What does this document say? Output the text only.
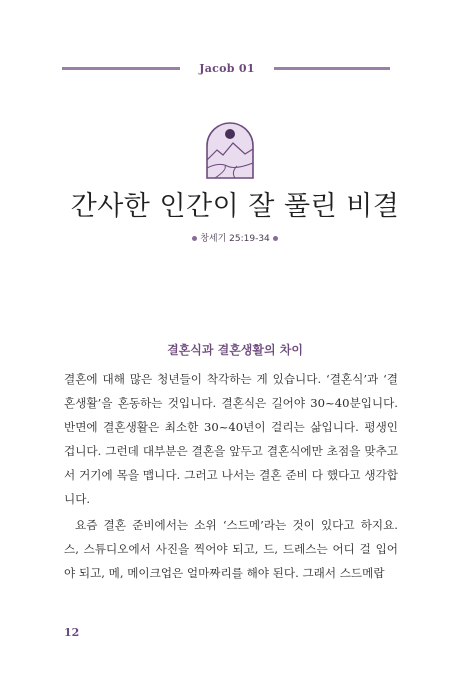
Jacob 01
간사한 인간이 잘 풀린 비결
창세기 25:19-34
결혼식과 결혼생활의 차이

결혼에 대해 많은 청년들이 착각하는 게 있습니다. ‘결혼식’과 ‘결혼생활’을 혼동하는 것입니다. 결혼식은 길어야 30~40분입니다. 반면에 결혼생활은 최소한 30~40년이 걸리는 삶입니다. 평생인 겁니다. 그런데 대부분은 결혼을 앞두고 결혼식에만 초점을 맞추고서 거기에 목을 맵니다. 그러고 나서는 결혼 준비 다 했다고 생각합니다.

요즘 결혼 준비에서는 소위 ‘스드메’라는 것이 있다고 하지요. 스, 스튜디오에서 사진을 찍어야 되고, 드, 드레스는 어디 걸 입어야 되고, 메, 메이크업은 얼마짜리를 해야 된다. 그래서 스드메랍

12
